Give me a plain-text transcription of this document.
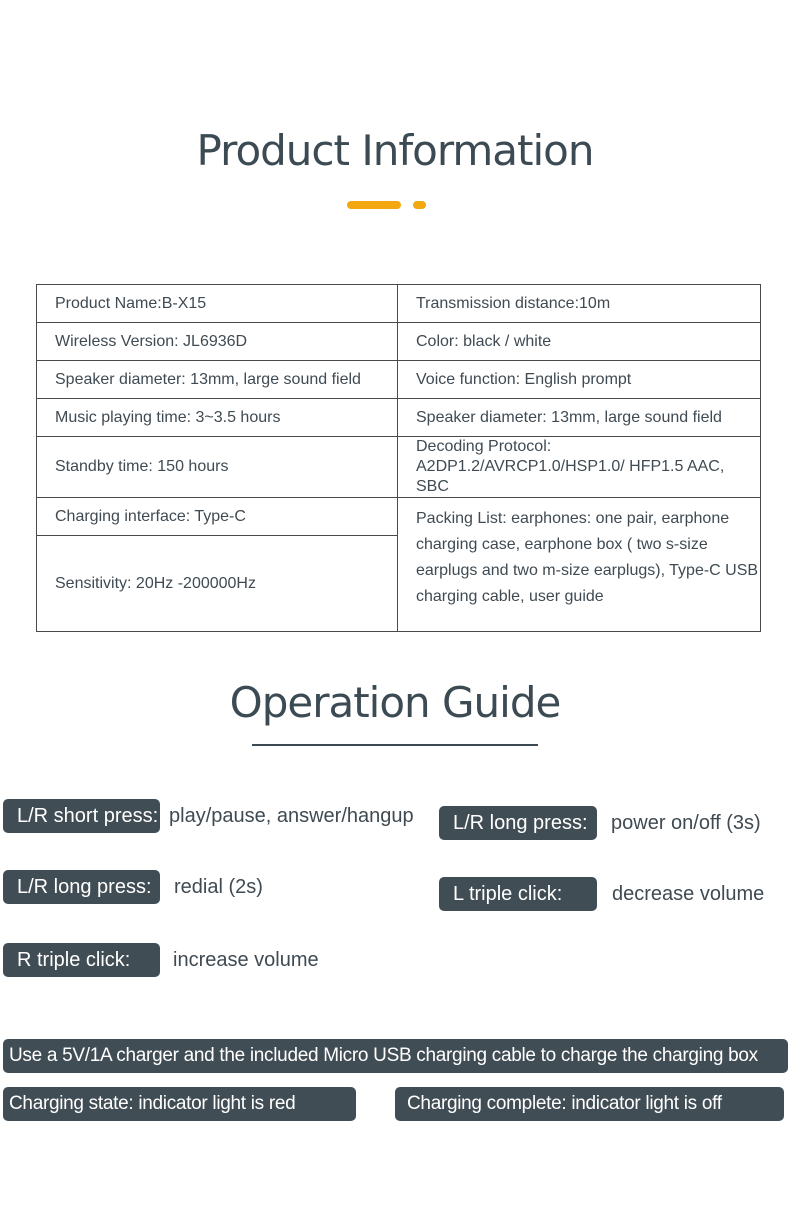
Product Information
Product Name:B-X15	Transmission distance:10m
Wireless Version: JL6936D	Color: black / white
Speaker diameter: 13mm, large sound field	Voice function: English prompt
Music playing time: 3~3.5 hours	Speaker diameter: 13mm, large sound field
Standby time: 150 hours	Decoding Protocol: A2DP1.2/AVRCP1.0/HSP1.0/ HFP1.5 AAC, SBC
Charging interface: Type-C	Packing List: earphones: one pair, earphone charging case, earphone box ( two s-size earplugs and two m-size earplugs), Type-C USB charging cable, user guide
Sensitivity: 20Hz -200000Hz	
Operation Guide
L/R short press: play/pause, answer/hangup	L/R long press:	power on/off (3s)
L/R long press:	redial (2s)	L triple click:	decrease volume
R triple click:	increase volume
Use a 5V/1A charger and the included Micro USB charging cable to charge the charging box
Charging state: indicator light is red	Charging complete: indicator light is off
